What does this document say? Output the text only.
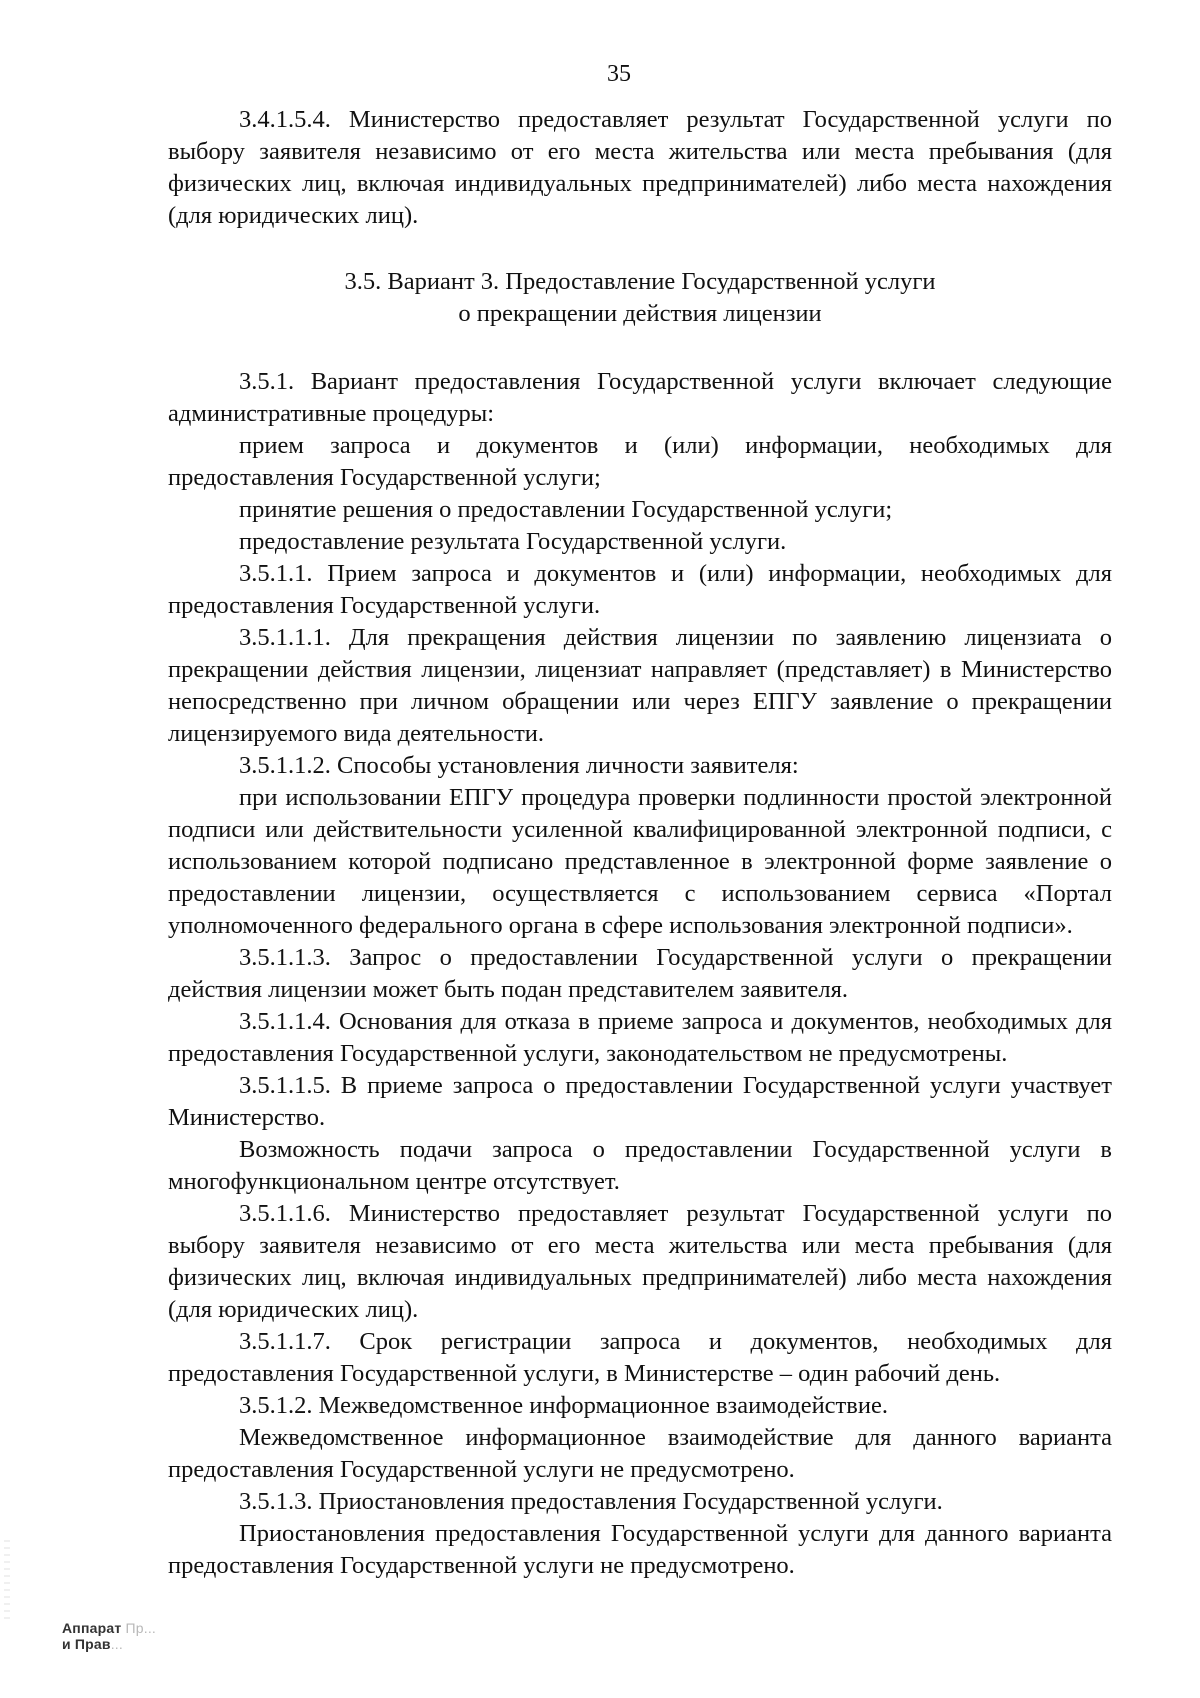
35

3.4.1.5.4. Министерство предоставляет результат Государственной услуги по выбору заявителя независимо от его места жительства или места пребывания (для физических лиц, включая индивидуальных предпринимателей) либо места нахождения (для юридических лиц).

3.5. Вариант 3. Предоставление Государственной услуги

о прекращении действия лицензии

3.5.1. Вариант предоставления Государственной услуги включает следующие административные процедуры:

прием запроса и документов и (или) информации, необходимых для предоставления Государственной услуги;

принятие решения о предоставлении Государственной услуги;

предоставление результата Государственной услуги.

3.5.1.1. Прием запроса и документов и (или) информации, необходимых для предоставления Государственной услуги.

3.5.1.1.1. Для прекращения действия лицензии по заявлению лицензиата о прекращении действия лицензии, лицензиат направляет (представляет) в Министерство непосредственно при личном обращении или через ЕПГУ заявление о прекращении лицензируемого вида деятельности.

3.5.1.1.2. Способы установления личности заявителя:

при использовании ЕПГУ процедура проверки подлинности простой электронной подписи или действительности усиленной квалифицированной электронной подписи, с использованием которой подписано представленное в электронной форме заявление о предоставлении лицензии, осуществляется с использованием сервиса «Портал уполномоченного федерального органа в сфере использования электронной подписи».

3.5.1.1.3. Запрос о предоставлении Государственной услуги о прекращении действия лицензии может быть подан представителем заявителя.

3.5.1.1.4. Основания для отказа в приеме запроса и документов, необходимых для предоставления Государственной услуги, законодательством не предусмотрены.

3.5.1.1.5. В приеме запроса о предоставлении Государственной услуги участвует Министерство.

Возможность подачи запроса о предоставлении Государственной услуги в многофункциональном центре отсутствует.

3.5.1.1.6. Министерство предоставляет результат Государственной услуги по выбору заявителя независимо от его места жительства или места пребывания (для физических лиц, включая индивидуальных предпринимателей) либо места нахождения (для юридических лиц).

3.5.1.1.7. Срок регистрации запроса и документов, необходимых для предоставления Государственной услуги, в Министерстве – один рабочий день.

3.5.1.2. Межведомственное информационное взаимодействие.

Межведомственное информационное взаимодействие для данного варианта предоставления Государственной услуги не предусмотрено.

3.5.1.3. Приостановления предоставления Государственной услуги.

Приостановления предоставления Государственной услуги для данного варианта предоставления Государственной услуги не предусмотрено.

Аппарат Пр...
и Прав...
